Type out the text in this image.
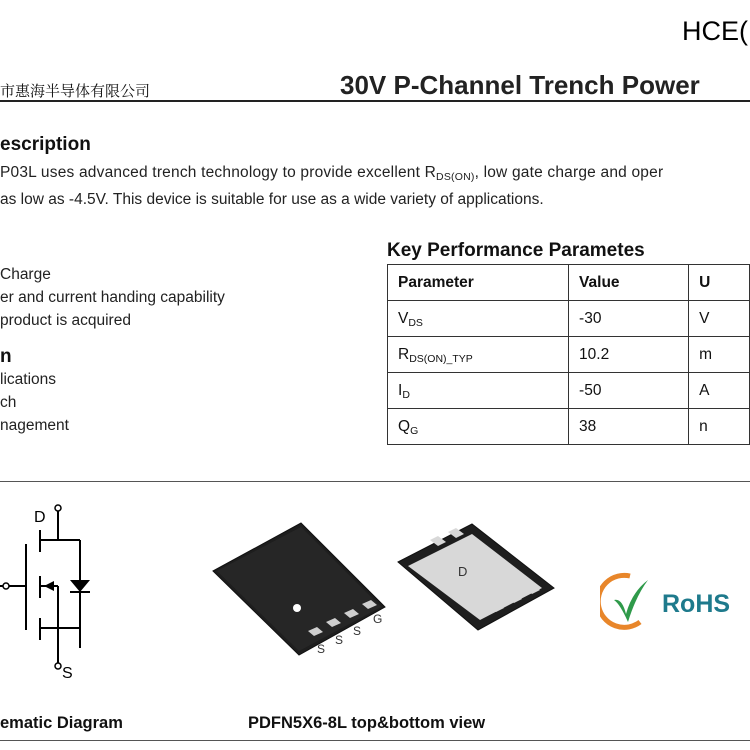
HCE(
市惠海半导体有限公司	30V P-Channel Trench Power
escription
P03L uses advanced trench technology to provide excellent RDS(ON), low gate charge and oper
as low as -4.5V. This device is suitable for use as a wide variety of applications.
Charge
er and current handing capability
product is acquired
n
lications
ch
nagement
Key Performance Parametes
Parameter	Value	U
VDS	-30	V
RDS(ON)_TYP	10.2	m
ID	-50	A
QG	38	n
D
S
S
S
S
G
D
RoHS
ematic Diagram	PDFN5X6-8L top&bottom view
